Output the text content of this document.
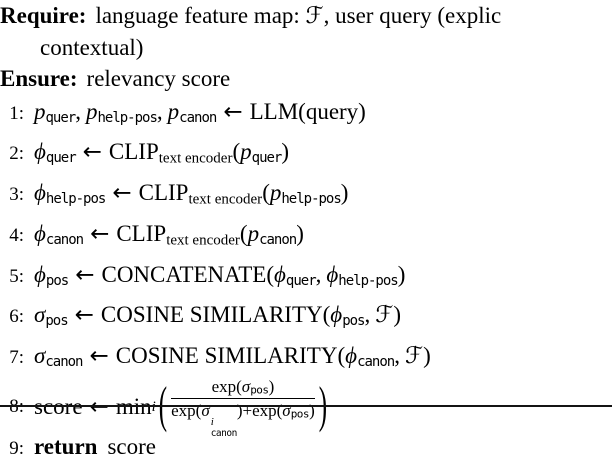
Require: language feature map: ℱ, user query (explic
contextual)
Ensure: relevancy score
1: pquer, phelp-pos, pcanon ← LLM(query)
2: ϕquer ← CLIPtext encoder(pquer)
3: ϕhelp-pos ← CLIPtext encoder(phelp-pos)
4: ϕcanon ← CLIPtext encoder(pcanon)
5: ϕpos ← CONCATENATE(ϕquer, ϕhelp-pos)
6: σpos ← COSINE SIMILARITY(ϕpos, ℱ)
7: σcanon ← COSINE SIMILARITY(ϕcanon, ℱ)
8: score ← min i ( exp(σpos)
exp(σ
i
canon
)+exp(σpos) )
9: return score
